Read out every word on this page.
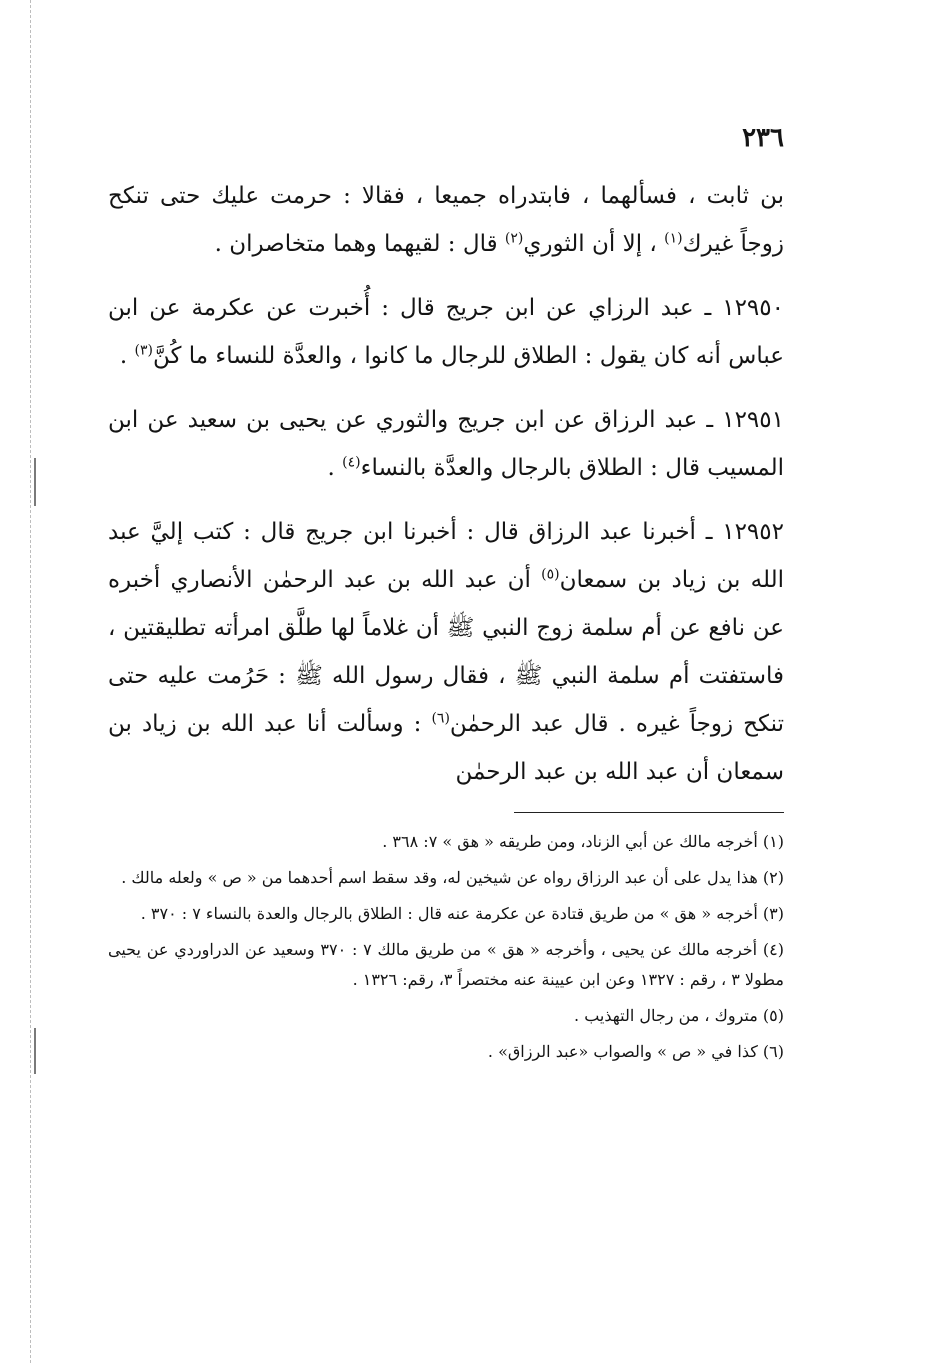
٢٣٦

بن ثابت ، فسألهما ، فابتدراه جميعا ، فقالا : حرمت عليك حتى تنكح زوجاً غيرك$^{(١)}$ ، إلا أن الثوري$^{(٢)}$ قال : لقيهما وهما متخاصران .

١٢٩٥٠ ـ عبد الرزاي عن ابن جريج قال : أُخبرت عن عكرمة عن ابن عباس أنه كان يقول : الطلاق للرجال ما كانوا ، والعدَّة للنساء ما كُنَّ$^{(٣)}$ .

١٢٩٥١ ـ عبد الرزاق عن ابن جريج والثوري عن يحيى بن سعيد عن ابن المسيب قال : الطلاق بالرجال والعدَّة بالنساء$^{(٤)}$ .

١٢٩٥٢ ـ أخبرنا عبد الرزاق قال : أخبرنا ابن جريج قال : كتب إليَّ عبد الله بن زياد بن سمعان$^{(٥)}$ أن عبد الله بن عبد الرحمٰن الأنصاري أخبره عن نافع عن أم سلمة زوج النبي ﷺ أن غلاماً لها طلَّق امرأته تطليقتين ، فاستفتت أم سلمة النبي ﷺ ، فقال رسول الله ﷺ : حَرُمت عليه حتى تنكح زوجاً غيره . قال عبد الرحمٰن$^{(٦)}$ : وسألت أنا عبد الله بن زياد بن سمعان أن عبد الله بن عبد الرحمٰن

(١) أخرجه مالك عن أبي الزناد، ومن طريقه « هق » ٧: ٣٦٨ .

(٢) هذا يدل على أن عبد الرزاق رواه عن شيخين له، وقد سقط اسم أحدهما من « ص » ولعله مالك .

(٣) أخرجه « هق » من طريق قتادة عن عكرمة عنه قال : الطلاق بالرجال والعدة بالنساء ٧ : ٣٧٠ .

(٤) أخرجه مالك عن يحيى ، وأخرجه « هق » من طريق مالك ٧ : ٣٧٠ وسعيد عن الدراوردي عن يحيى مطولا ٣ ، رقم : ١٣٢٧ وعن ابن عيينة عنه مختصراً ٣، رقم: ١٣٢٦ .

(٥) متروك ، من رجال التهذيب .

(٦) كذا في « ص » والصواب «عبد الرزاق» .
